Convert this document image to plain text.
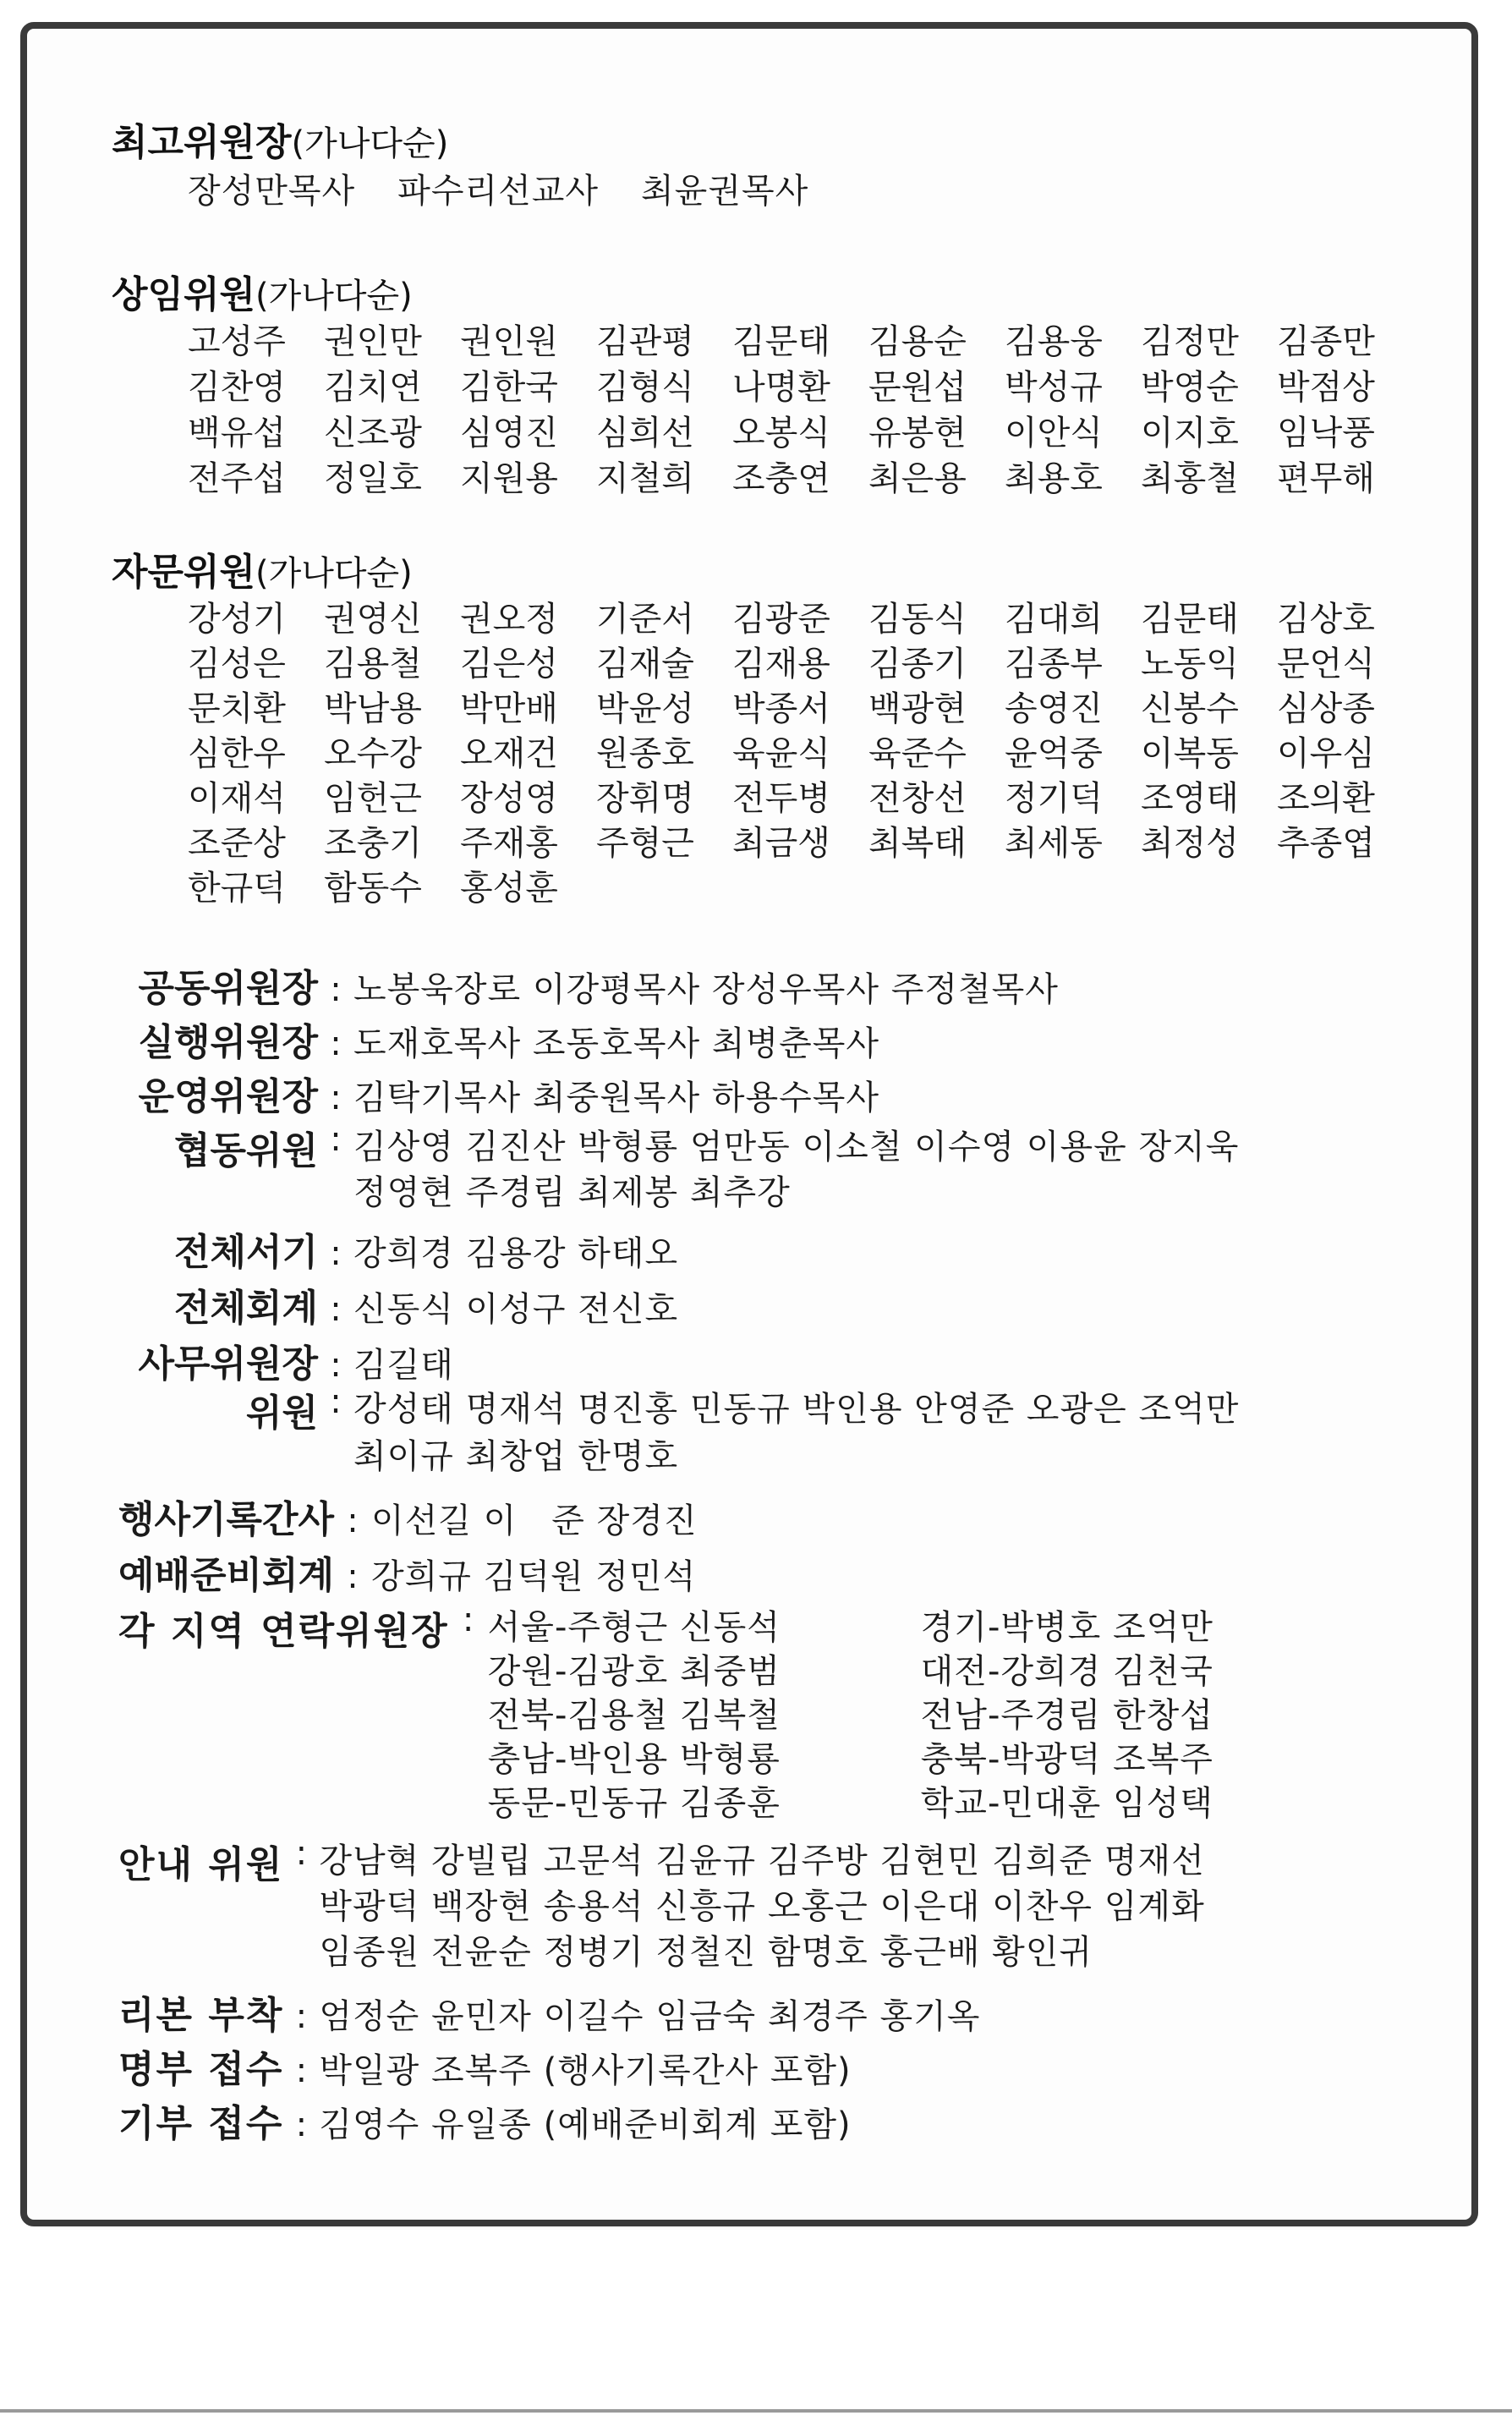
최고위원장(가나다순)
장성만목사 파수리선교사 최윤권목사
상임위원(가나다순)
고성주	권인만	권인원	김관평	김문태	김용순	김용웅	김정만	김종만
김찬영	김치연	김한국	김형식	나명환	문원섭	박성규	박영순	박점상
백유섭	신조광	심영진	심희선	오봉식	유봉현	이안식	이지호	임낙풍
전주섭	정일호	지원용	지철희	조충연	최은용	최용호	최홍철	편무해
자문위원(가나다순)
강성기	권영신	권오정	기준서	김광준	김동식	김대희	김문태	김상호
김성은	김용철	김은성	김재술	김재용	김종기	김종부	노동익	문언식
문치환	박남용	박만배	박윤성	박종서	백광현	송영진	신봉수	심상종
심한우	오수강	오재건	원종호	육윤식	육준수	윤억중	이복동	이우심
이재석	임헌근	장성영	장휘명	전두병	전창선	정기덕	조영태	조의환
조준상	조충기	주재홍	주형근	최금생	최복태	최세동	최정성	추종엽
한규덕	함동수	홍성훈
공동위원장 : 노봉욱장로 이강평목사 장성우목사 주정철목사
실행위원장 : 도재호목사 조동호목사 최병춘목사
운영위원장 : 김탁기목사 최중원목사 하용수목사
협동위원 : 김상영 김진산 박형룡 엄만동 이소철 이수영 이용윤 장지욱
정영현 주경림 최제봉 최추강
전체서기 : 강희경 김용강 하태오
전체회계 : 신동식 이성구 전신호
사무위원장 : 김길태
위원 : 강성태 명재석 명진홍 민동규 박인용 안영준 오광은 조억만
최이규 최창업 한명호
행사기록간사 : 이선길 이　준 장경진
예배준비회계 : 강희규 김덕원 정민석
각 지역 연락위원장 : 서울-주형근 신동석	경기-박병호 조억만
강원-김광호 최중범	대전-강희경 김천국
전북-김용철 김복철	전남-주경림 한창섭
충남-박인용 박형룡	충북-박광덕 조복주
동문-민동규 김종훈	학교-민대훈 임성택
안내 위원 : 강남혁 강빌립 고문석 김윤규 김주방 김현민 김희준 명재선
박광덕 백장현 송용석 신흥규 오홍근 이은대 이찬우 임계화
임종원 전윤순 정병기 정철진 함명호 홍근배 황인귀
리본 부착 : 엄정순 윤민자 이길수 임금숙 최경주 홍기옥
명부 접수 : 박일광 조복주 (행사기록간사 포함)
기부 접수 : 김영수 유일종 (예배준비회계 포함)
